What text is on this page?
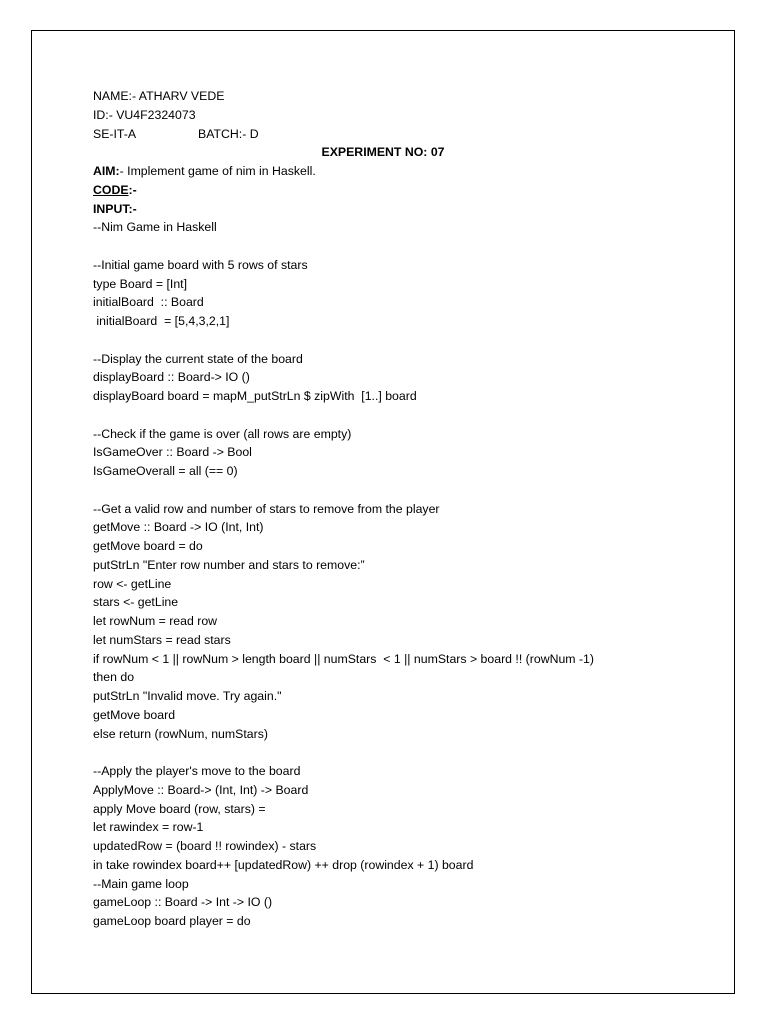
NAME:- ATHARV VEDE
ID:- VU4F2324073
SE-IT-A	BATCH:- D
EXPERIMENT NO: 07
AIM:- Implement game of nim in Haskell.
CODE:-
INPUT:-
--Nim Game in Haskell
--Initial game board with 5 rows of stars
type Board = [Int]
initialBoard  :: Board
initialBoard  = [5,4,3,2,1]
--Display the current state of the board
displayBoard :: Board-> IO ()
displayBoard board = mapM_putStrLn $ zipWith  [1..] board
--Check if the game is over (all rows are empty)
IsGameOver :: Board -> Bool
IsGameOverall = all (== 0)
--Get a valid row and number of stars to remove from the player
getMove :: Board -> IO (Int, Int)
getMove board = do
putStrLn "Enter row number and stars to remove:”
row <- getLine
stars <- getLine
let rowNum = read row
let numStars = read stars
if rowNum < 1 || rowNum > length board || numStars  < 1 || numStars > board !! (rowNum -1)
then do
putStrLn "Invalid move. Try again."
getMove board
else return (rowNum, numStars)
--Apply the player's move to the board
ApplyMove :: Board-> (Int, Int) -> Board
apply Move board (row, stars) =
let rawindex = row-1
updatedRow = (board !! rowindex) - stars
in take rowindex board++ [updatedRow) ++ drop (rowindex + 1) board
--Main game loop
gameLoop :: Board -> Int -> IO ()
gameLoop board player = do
